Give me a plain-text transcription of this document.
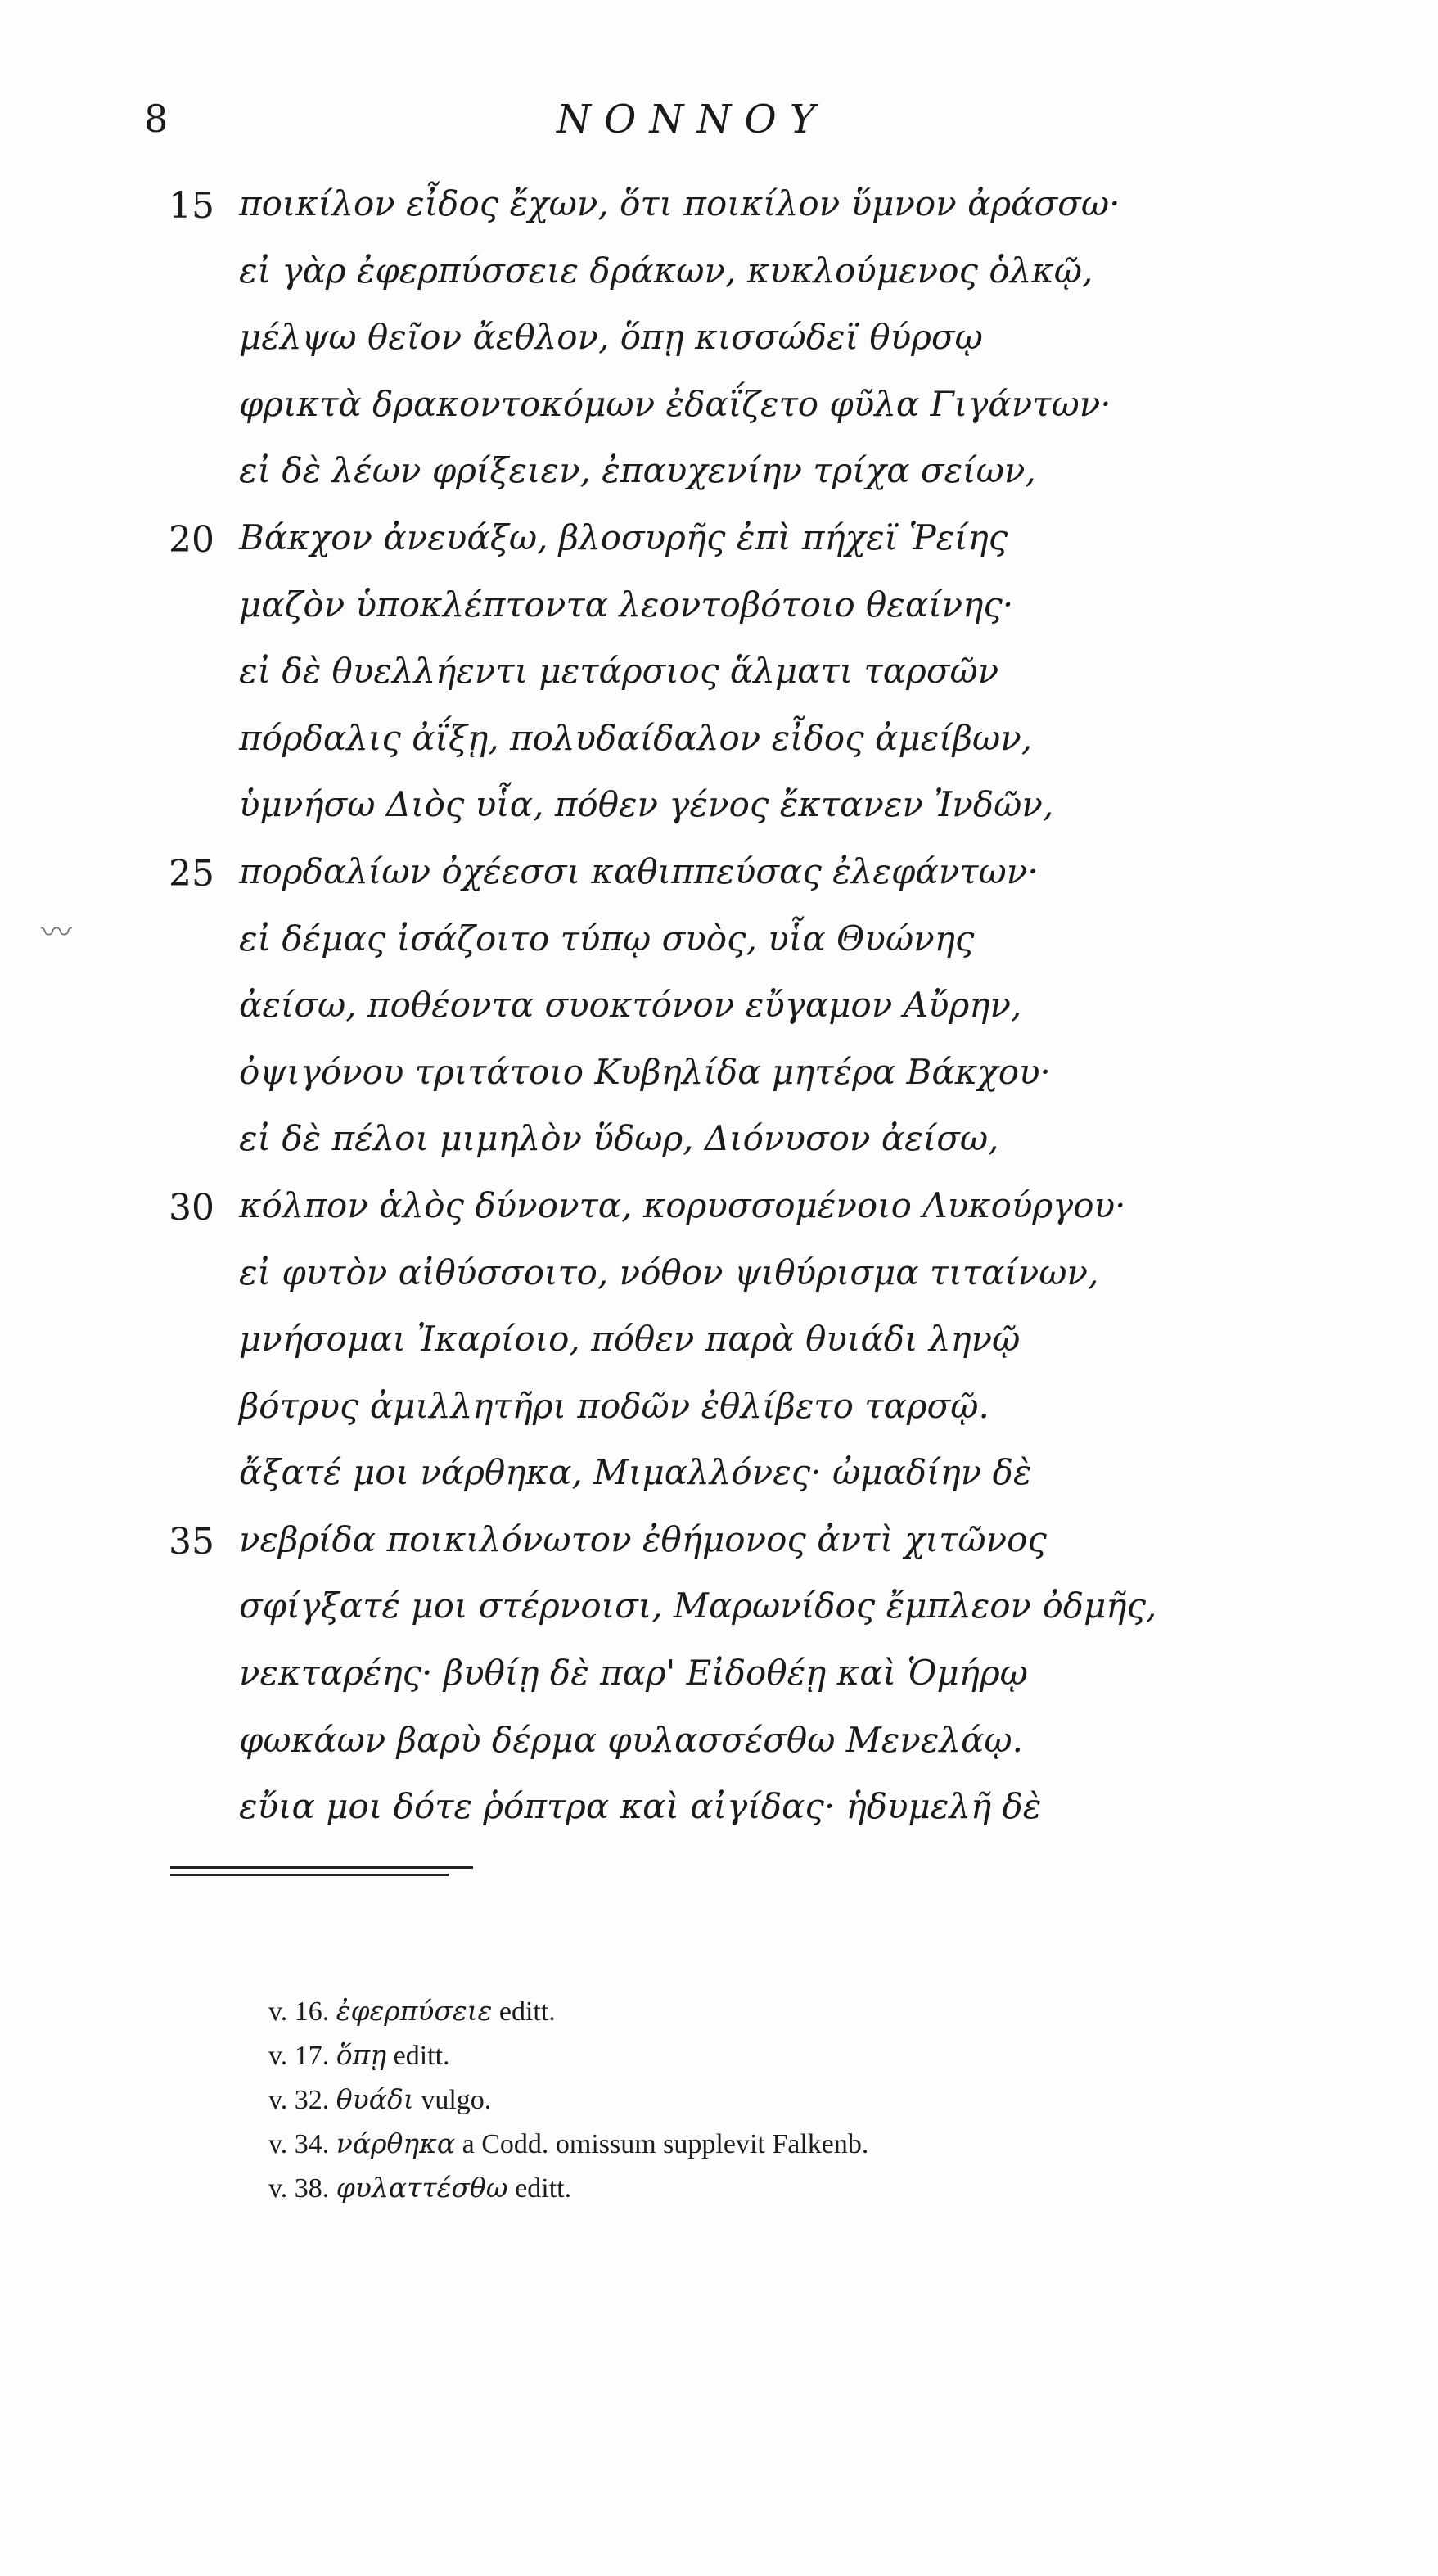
8	ΝΟΝΝΟΥ
〰
15 ποικίλον εἶδος ἔχων, ὅτι ποικίλον ὕμνον ἀράσσω·
εἰ γὰρ ἐφερπύσσειε δράκων, κυκλούμενος ὁλκῷ,
μέλψω θεῖον ἄεθλον, ὅπῃ κισσώδεϊ θύρσῳ
φρικτὰ δρακοντοκόμων ἐδαΐζετο φῦλα Γιγάντων·
εἰ δὲ λέων φρίξειεν, ἐπαυχενίην τρίχα σείων,
20 Βάκχον ἀνευάξω, βλοσυρῆς ἐπὶ πήχεϊ Ῥείης
μαζὸν ὑποκλέπτοντα λεοντοβότοιο θεαίνης·
εἰ δὲ θυελλήεντι μετάρσιος ἅλματι ταρσῶν
πόρδαλις ἀΐξῃ, πολυδαίδαλον εἶδος ἀμείβων,
ὑμνήσω Διὸς υἷα, πόθεν γένος ἔκτανεν Ἰνδῶν,
25 πορδαλίων ὀχέεσσι καθιππεύσας ἐλεφάντων·
εἰ δέμας ἰσάζοιτο τύπῳ συὸς, υἷα Θυώνης
ἀείσω, ποθέοντα συοκτόνον εὔγαμον Αὔρην,
ὀψιγόνου τριτάτοιο Κυβηλίδα μητέρα Βάκχου·
εἰ δὲ πέλοι μιμηλὸν ὕδωρ, Διόνυσον ἀείσω,
30 κόλπον ἁλὸς δύνοντα, κορυσσομένοιο Λυκούργου·
εἰ φυτὸν αἰθύσσοιτο, νόθον ψιθύρισμα τιταίνων,
μνήσομαι Ἰκαρίοιο, πόθεν παρὰ θυιάδι ληνῷ
βότρυς ἀμιλλητῆρι ποδῶν ἐθλίβετο ταρσῷ.
ἄξατέ μοι νάρθηκα, Μιμαλλόνες· ὠμαδίην δὲ
35 νεβρίδα ποικιλόνωτον ἐθήμονος ἀντὶ χιτῶνος
σφίγξατέ μοι στέρνοισι, Μαρωνίδος ἔμπλεον ὀδμῆς,
νεκταρέης· βυθίῃ δὲ παρ' Εἰδοθέῃ καὶ Ὁμήρῳ
φωκάων βαρὺ δέρμα φυλασσέσθω Μενελάῳ.
εὔια μοι δότε ῥόπτρα καὶ αἰγίδας· ἡδυμελῆ δὲ
v. 16. ἐφερπύσειε editt.
v. 17. ὅπῃ editt.
v. 32. θυάδι vulgo.
v. 34. νάρθηκα a Codd. omissum supplevit Falkenb.
v. 38. φυλαττέσθω editt.
